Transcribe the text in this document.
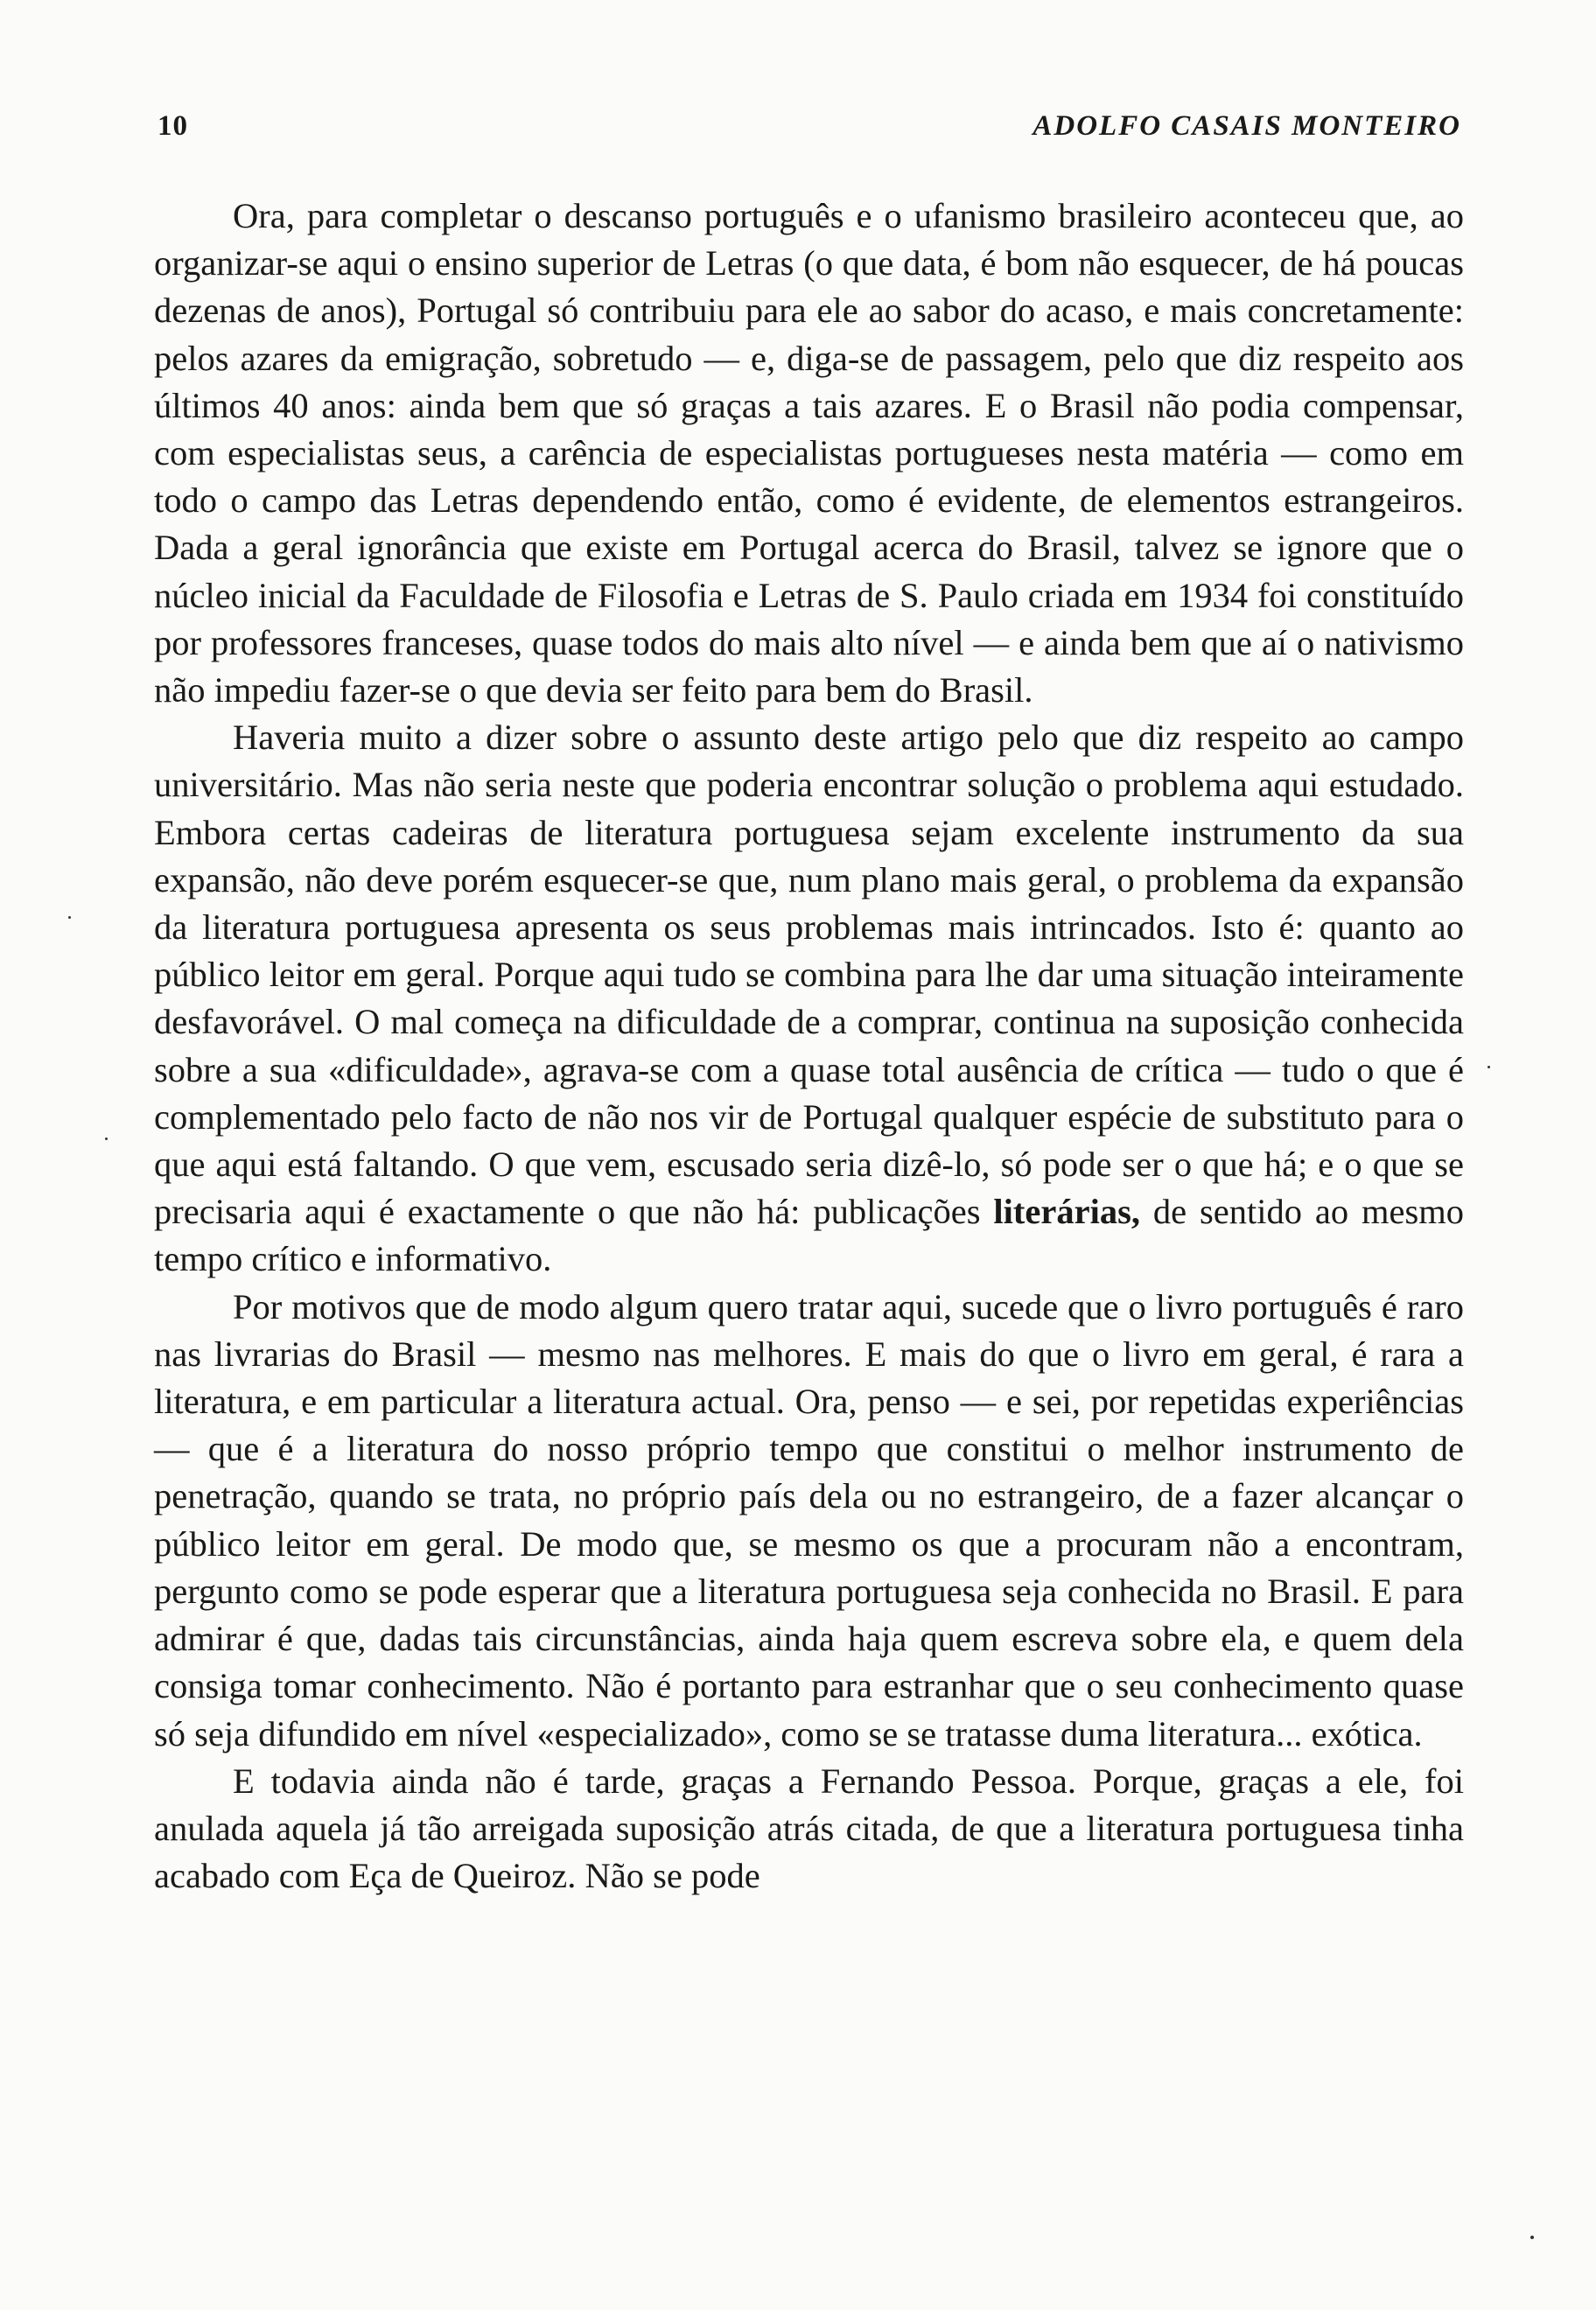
10	ADOLFO CASAIS MONTEIRO

Ora, para completar o descanso português e o ufanismo brasileiro aconteceu que, ao organizar-se aqui o ensino superior de Letras (o que data, é bom não esquecer, de há poucas dezenas de anos), Portugal só contribuiu para ele ao sabor do acaso, e mais concretamente: pelos azares da emigração, sobretudo — e, diga-se de passagem, pelo que diz respeito aos últimos 40 anos: ainda bem que só graças a tais azares. E o Brasil não podia compensar, com especialistas seus, a carência de especialistas portugueses nesta matéria — como em todo o campo das Letras dependendo então, como é evidente, de elementos estrangeiros. Dada a geral ignorância que existe em Portugal acerca do Brasil, talvez se ignore que o núcleo inicial da Faculdade de Filosofia e Letras de S. Paulo criada em 1934 foi constituído por professores franceses, quase todos do mais alto nível — e ainda bem que aí o nativismo não impediu fazer-se o que devia ser feito para bem do Brasil.

Haveria muito a dizer sobre o assunto deste artigo pelo que diz respeito ao campo universitário. Mas não seria neste que poderia encontrar solução o problema aqui estudado. Embora certas cadeiras de literatura portuguesa sejam excelente instrumento da sua expansão, não deve porém esquecer-se que, num plano mais geral, o problema da expansão da literatura portuguesa apresenta os seus problemas mais intrincados. Isto é: quanto ao público leitor em geral. Porque aqui tudo se combina para lhe dar uma situação inteiramente desfavorável. O mal começa na dificuldade de a comprar, continua na suposição conhecida sobre a sua «dificuldade», agrava-se com a quase total ausência de crítica — tudo o que é complementado pelo facto de não nos vir de Portugal qualquer espécie de substituto para o que aqui está faltando. O que vem, escusado seria dizê-lo, só pode ser o que há; e o que se precisaria aqui é exactamente o que não há: publicações literárias, de sentido ao mesmo tempo crítico e informativo.

Por motivos que de modo algum quero tratar aqui, sucede que o livro português é raro nas livrarias do Brasil — mesmo nas melhores. E mais do que o livro em geral, é rara a literatura, e em particular a literatura actual. Ora, penso — e sei, por repetidas experiências — que é a literatura do nosso próprio tempo que constitui o melhor instrumento de penetração, quando se trata, no próprio país dela ou no estrangeiro, de a fazer alcançar o público leitor em geral. De modo que, se mesmo os que a procuram não a encontram, pergunto como se pode esperar que a literatura portuguesa seja conhecida no Brasil. E para admirar é que, dadas tais circunstâncias, ainda haja quem escreva sobre ela, e quem dela consiga tomar conhecimento. Não é portanto para estranhar que o seu conhecimento quase só seja difundido em nível «especializado», como se se tratasse duma literatura... exótica.

E todavia ainda não é tarde, graças a Fernando Pessoa. Porque, graças a ele, foi anulada aquela já tão arreigada suposição atrás citada, de que a literatura portuguesa tinha acabado com Eça de Queiroz. Não se pode
